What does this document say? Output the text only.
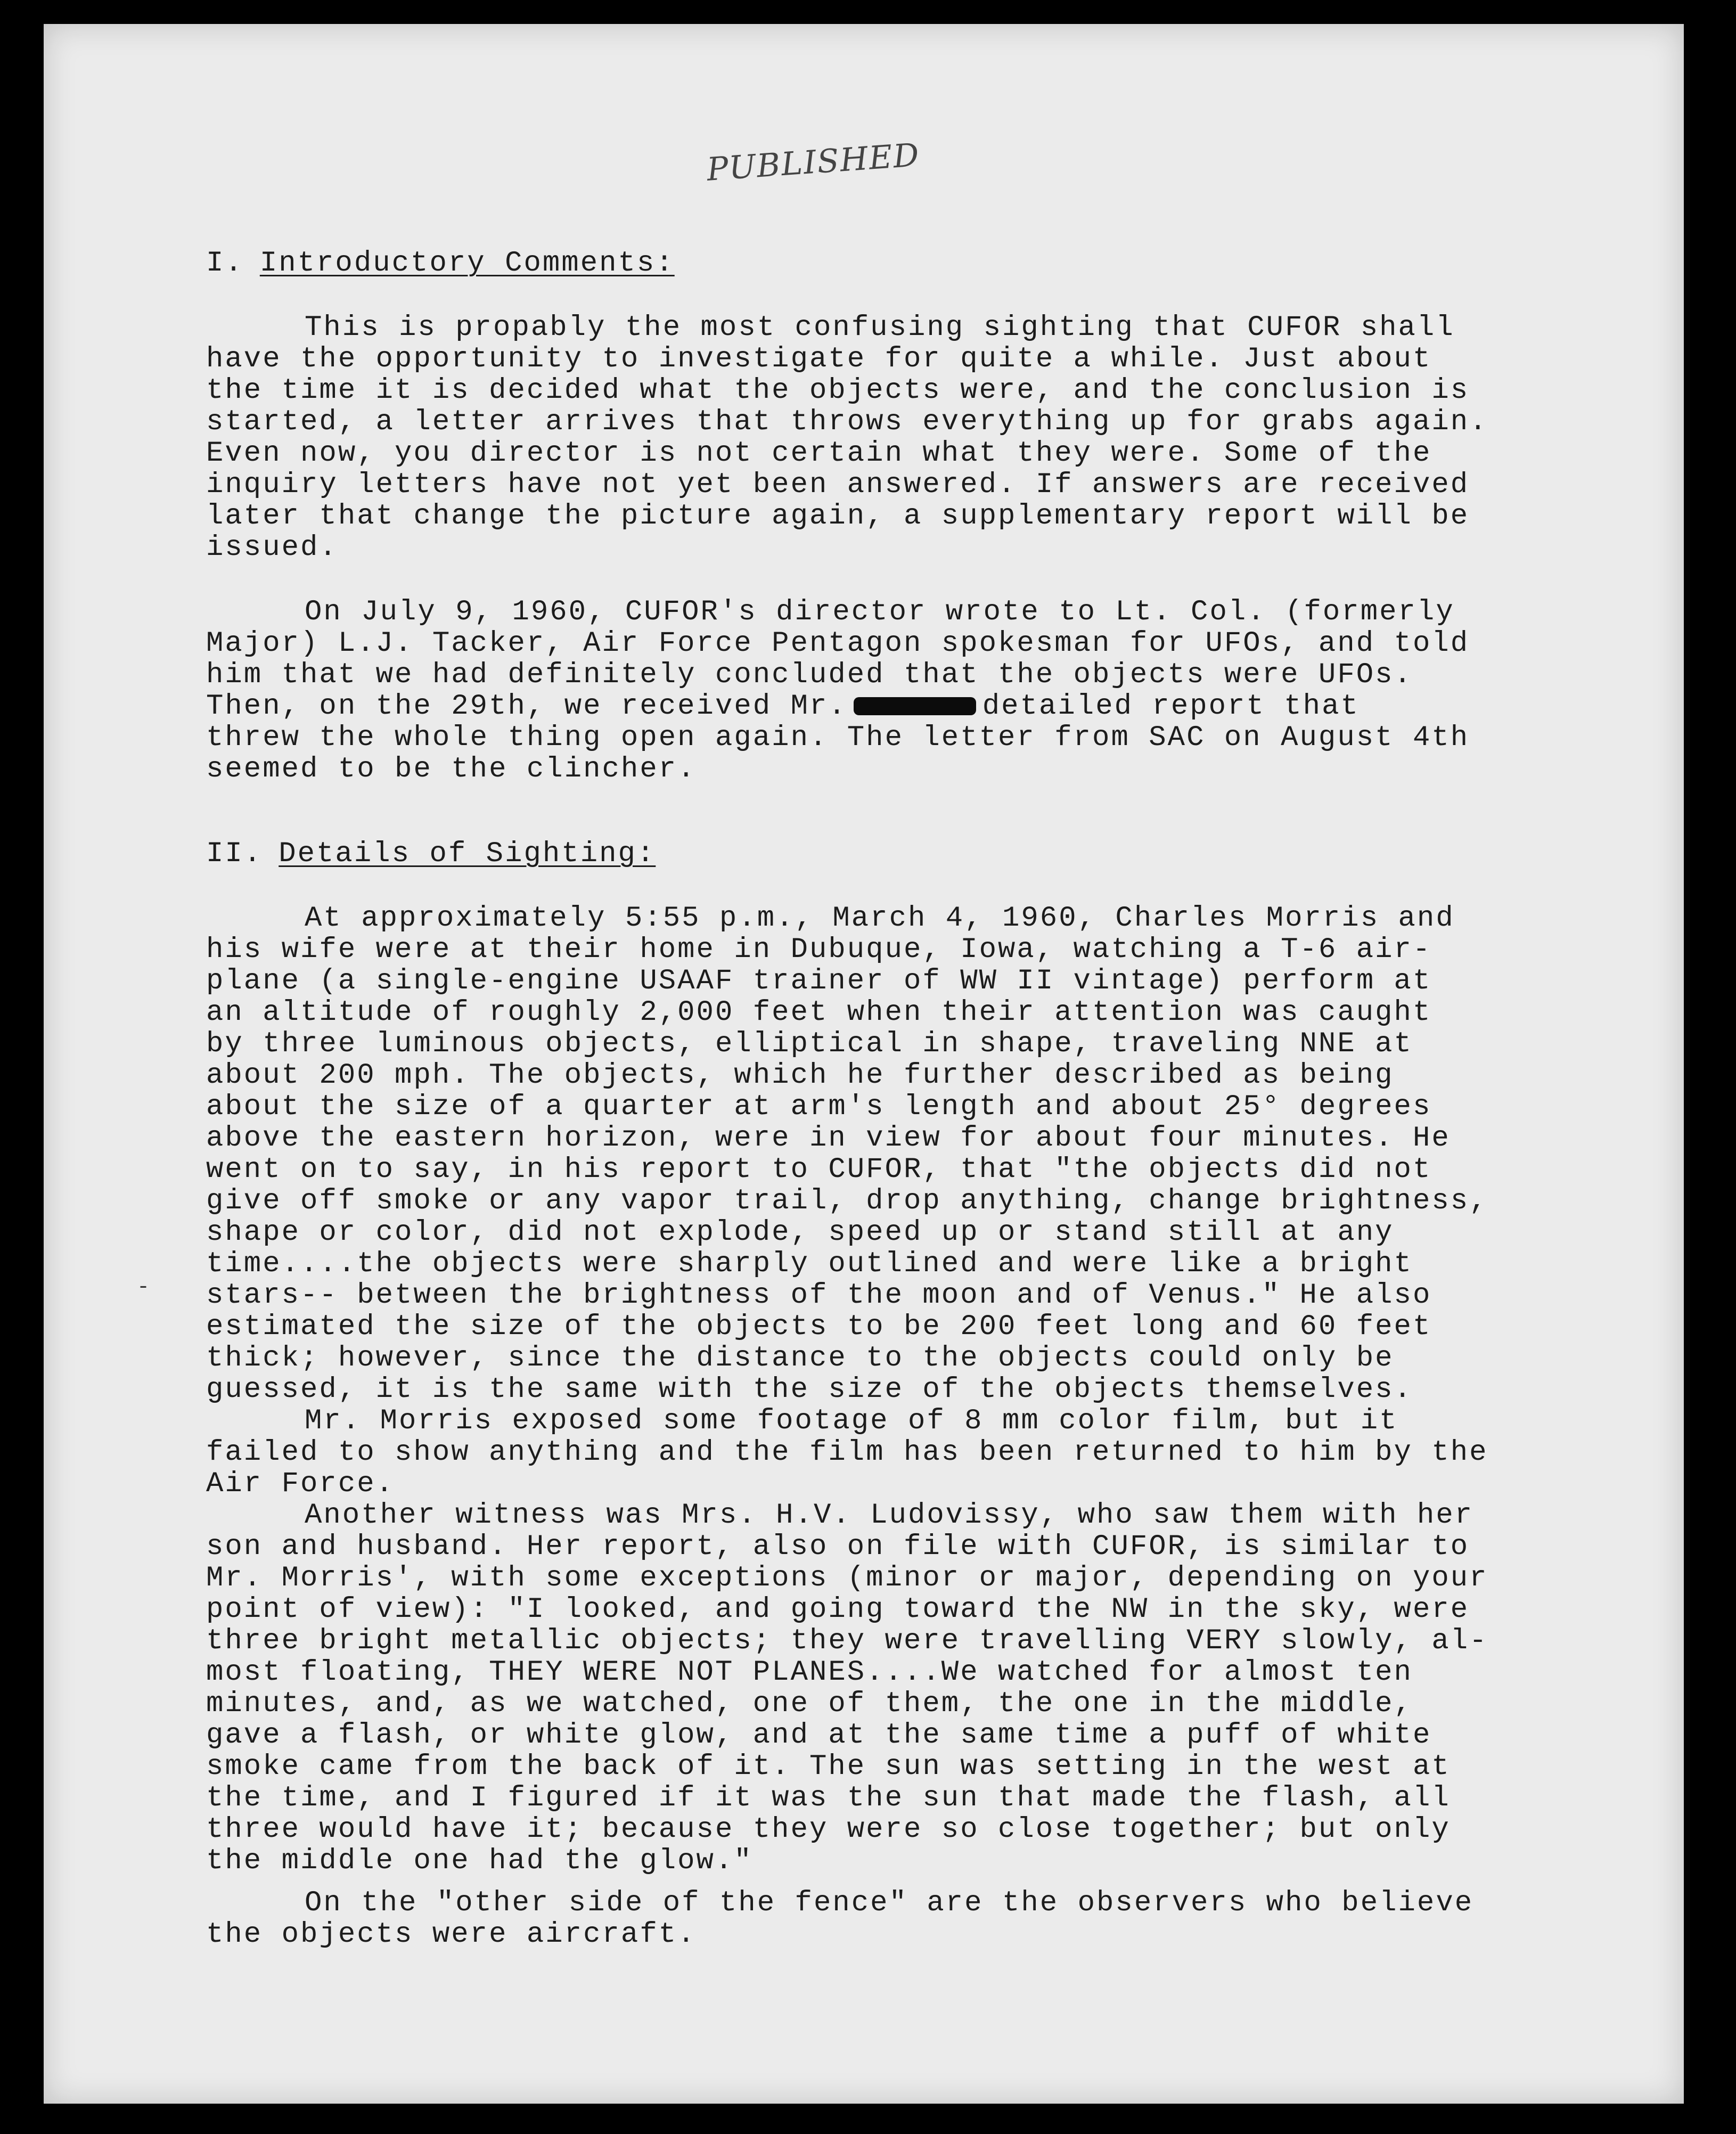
PUBLISHED
-
I. Introductory Comments:
This is propably the most confusing sighting that CUFOR shall
have the opportunity to investigate for quite a while. Just about
the time it is decided what the objects were, and the conclusion is
started, a letter arrives that throws everything up for grabs again.
Even now, you director is not certain what they were. Some of the
inquiry letters have not yet been answered. If answers are received
later that change the picture again, a supplementary report will be
issued.
On July 9, 1960, CUFOR's director wrote to Lt. Col. (formerly
Major) L.J. Tacker, Air Force Pentagon spokesman for UFOs, and told
him that we had definitely concluded that the objects were UFOs.
Then, on the 29th, we received Mr.	detailed report that
threw the whole thing open again. The letter from SAC on August 4th
seemed to be the clincher.
II. Details of Sighting:
At approximately 5:55 p.m., March 4, 1960, Charles Morris and
his wife were at their home in Dubuque, Iowa, watching a T-6 air-
plane (a single-engine USAAF trainer of WW II vintage) perform at
an altitude of roughly 2,000 feet when their attention was caught
by three luminous objects, elliptical in shape, traveling NNE at
about 200 mph. The objects, which he further described as being
about the size of a quarter at arm's length and about 25° degrees
above the eastern horizon, were in view for about four minutes. He
went on to say, in his report to CUFOR, that "the objects did not
give off smoke or any vapor trail, drop anything, change brightness,
shape or color, did not explode, speed up or stand still at any
time....the objects were sharply outlined and were like a bright
stars-- between the brightness of the moon and of Venus." He also
estimated the size of the objects to be 200 feet long and 60 feet
thick; however, since the distance to the objects could only be
guessed, it is the same with the size of the objects themselves.
Mr. Morris exposed some footage of 8 mm color film, but it
failed to show anything and the film has been returned to him by the
Air Force.
Another witness was Mrs. H.V. Ludovissy, who saw them with her
son and husband. Her report, also on file with CUFOR, is similar to
Mr. Morris', with some exceptions (minor or major, depending on your
point of view): "I looked, and going toward the NW in the sky, were
three bright metallic objects; they were travelling VERY slowly, al-
most floating, THEY WERE NOT PLANES....We watched for almost ten
minutes, and, as we watched, one of them, the one in the middle,
gave a flash, or white glow, and at the same time a puff of white
smoke came from the back of it. The sun was setting in the west at
the time, and I figured if it was the sun that made the flash, all
three would have it; because they were so close together; but only
the middle one had the glow."
On the "other side of the fence" are the observers who believe
the objects were aircraft.
